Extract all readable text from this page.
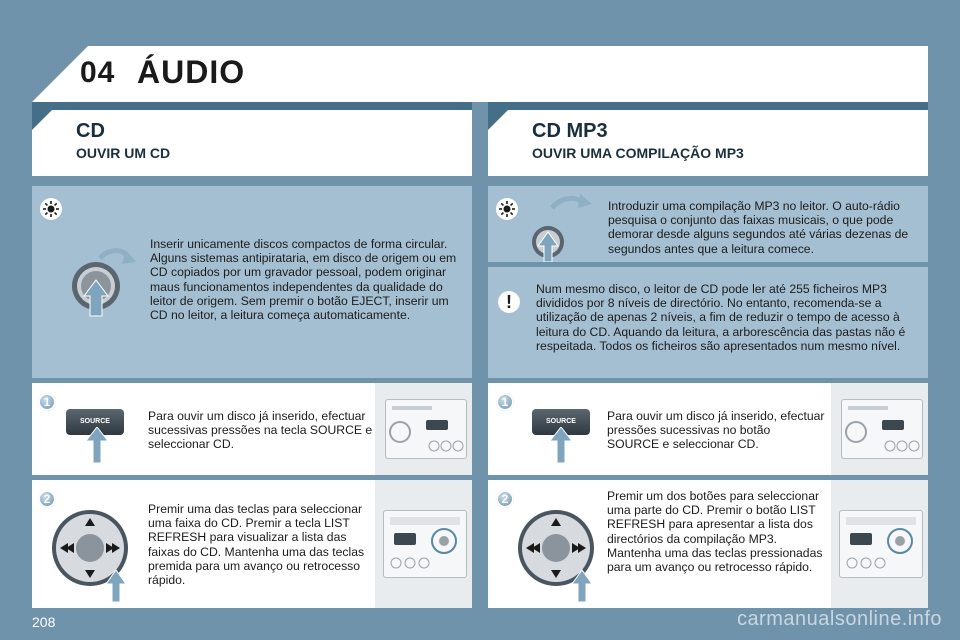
04 ÁUDIO
CD
OUVIR UM CD
CD MP3
OUVIR UMA COMPILAÇÃO MP3
Inserir unicamente discos compactos de forma circular. Alguns sistemas antipirataria, em disco de origem ou em CD copiados por um gravador pessoal, podem originar maus funcionamentos independentes da qualidade do leitor de origem. Sem premir o botão EJECT, inserir um CD no leitor, a leitura começa automaticamente.
1
SOURCE	Para ouvir um disco já inserido, efectuar sucessivas pressões na tecla SOURCE e seleccionar CD.
2
Premir uma das teclas para seleccionar uma faixa do CD. Premir a tecla LIST REFRESH para visualizar a lista das faixas do CD. Mantenha uma das teclas premida para um avanço ou retrocesso rápido.
Introduzir uma compilação MP3 no leitor. O auto-rádio pesquisa o conjunto das faixas musicais, o que pode demorar desde alguns segundos até várias dezenas de segundos antes que a leitura comece.
!
Num mesmo disco, o leitor de CD pode ler até 255 ficheiros MP3 divididos por 8 níveis de directório. No entanto, recomenda-se a utilização de apenas 2 níveis, a fim de reduzir o tempo de acesso à leitura do CD. Aquando da leitura, a arborescência das pastas não é respeitada. Todos os ficheiros são apresentados num mesmo nível.
1
SOURCE	Para ouvir um disco já inserido, efectuar pressões sucessivas no botão SOURCE e seleccionar CD.
2	Premir um dos botões para seleccionar uma parte do CD. Premir o botão LIST REFRESH para apresentar a lista dos directórios da compilação MP3. Mantenha uma das teclas pressionadas para um avanço ou retrocesso rápido.
208	carmanualsonline.info
